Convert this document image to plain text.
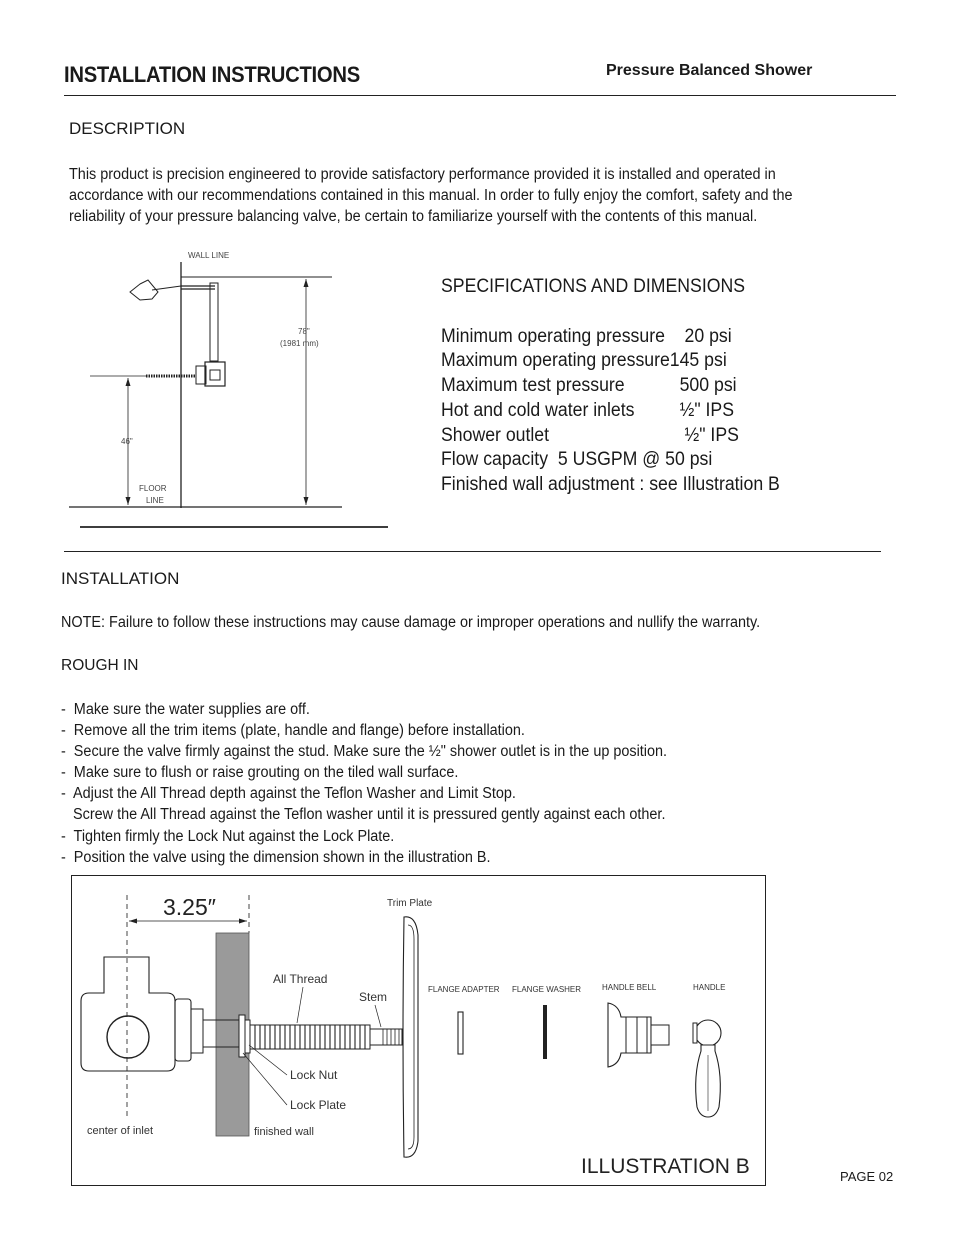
INSTALLATION INSTRUCTIONS	Pressure Balanced Shower
DESCRIPTION
This product is precision engineered to provide satisfactory performance provided it is installed and operated in
accordance with our recommendations contained in this manual. In order to fully enjoy the comfort, safety and the
reliability of your pressure balancing valve, be certain to familiarize yourself with the contents of this manual.
WALL LINE
46"
78"
(1981 mm)
FLOOR
LINE
SPECIFICATIONS AND DIMENSIONS
Minimum operating pressure   20 psi
Maximum operating pressure145 psi
Maximum test pressure  500 psi
Hot and cold water inlets  ½" IPS
Shower outlet	½" IPS
Flow capacity  5 USGPM @ 50 psi
Finished wall adjustment : see Illustration B
INSTALLATION
NOTE: Failure to follow these instructions may cause damage or improper operations and nullify the warranty.
ROUGH IN
-  Make sure the water supplies are off.
-  Remove all the trim items (plate, handle and flange) before installation.
-  Secure the valve firmly against the stud. Make sure the ½" shower outlet is in the up position.
-  Make sure to flush or raise grouting on the tiled wall surface.
-  Adjust the All Thread depth against the Teflon Washer and Limit Stop.
Screw the All Thread against the Teflon washer until it is pressured gently against each other.
-  Tighten firmly the Lock Nut against the Lock Plate.
-  Position the valve using the dimension shown in the illustration B.
3.25″
All Thread
Stem
Lock Nut
Lock Plate
center of inlet	finished wall
Trim Plate
FLANGE ADAPTER FLANGE WASHER	HANDLE BELL	HANDLE
ILLUSTRATION B	PAGE 02
